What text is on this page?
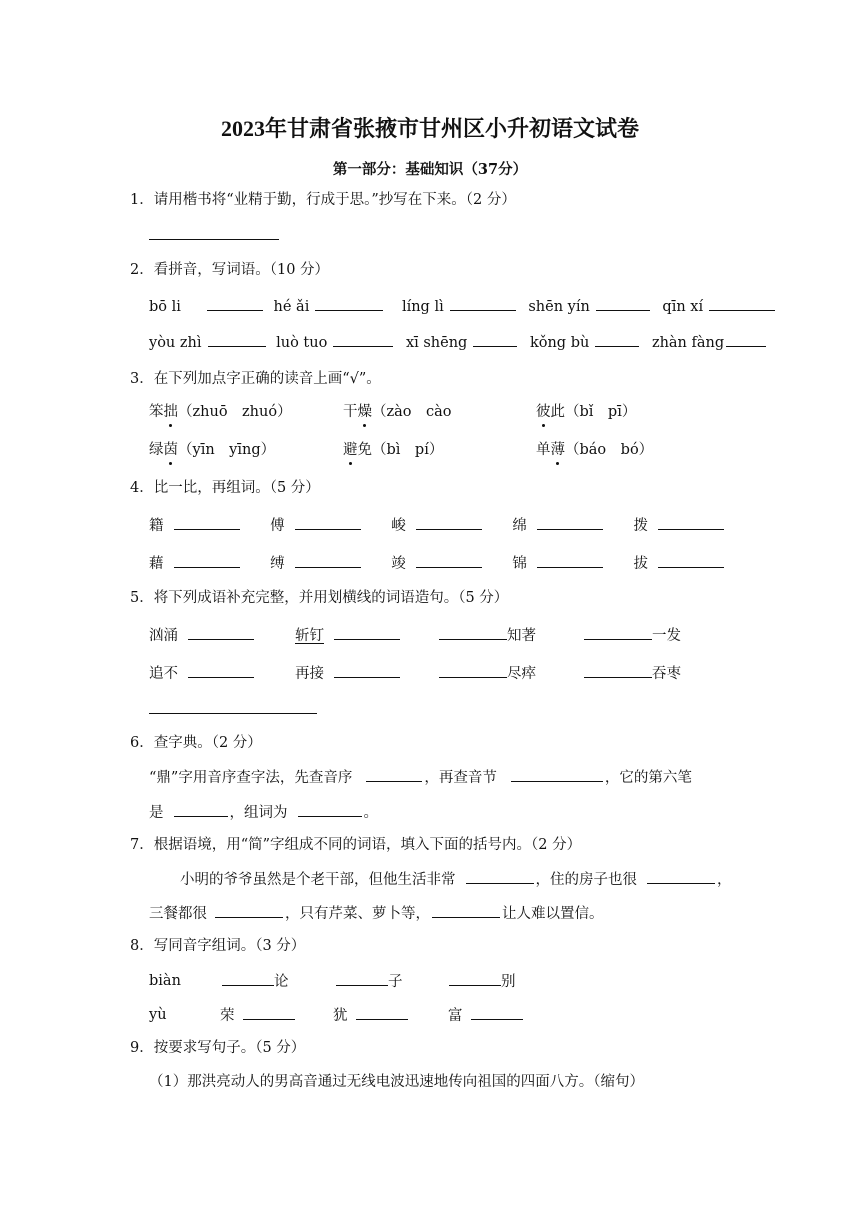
2023年甘肃省张掖市甘州区小升初语文试卷
第一部分：基础知识（37分）
1．请用楷书将“业精于勤，行成于思。”抄写在下来。（2 分）
2．看拼音，写词语。（10 分）
bō li	hé ǎi	líng lì	shēn yín	qīn xí
yòu zhì	luò tuo	xī shēng	kǒng bù	zhàn fàng
3．在下列加点字正确的读音上画“√”。
笨拙（zhuō　zhuó）	干燥（zào　cào	彼此（bǐ　pī）
绿茵（yīn　yīng）	避免（bì　pí）	单薄（báo　bó）
4．比一比，再组词。（5 分）
籍	傅	峻	绵	拨
藉	缚	竣	锦	拔
5．将下列成语补充完整，并用划横线的词语造句。（5 分）
汹涌	斩钉	知著	一发
追不	再接	尽瘁	吞枣
6．查字典。（2 分）
“鼎”字用音序查字法，先查音序	，再查音节	，它的第六笔
是	，组词为	。
7．根据语境，用“简”字组成不同的词语，填入下面的括号内。（2 分）
小明的爷爷虽然是个老干部，但他生活非常	，住的房子也很	，
三餐都很	，只有芹菜、萝卜等，	让人难以置信。
8．写同音字组词。（3 分）
biàn	论	子	别
yù	荣	犹	富
9．按要求写句子。（5 分）
（1）那洪亮动人的男高音通过无线电波迅速地传向祖国的四面八方。（缩句）
